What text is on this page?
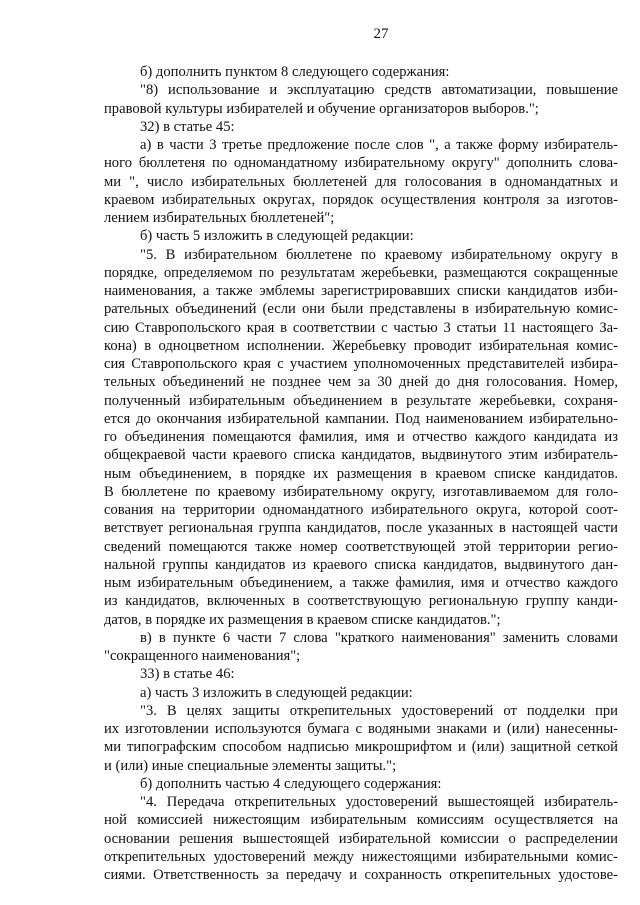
27
б) дополнить пунктом 8 следующего содержания:
"8) использование и эксплуатацию средств автоматизации, повышение
правовой культуры избирателей и обучение организаторов выборов.";
32) в статье 45:
а) в части 3 третье предложение после слов ", а также форму избиратель-
ного бюллетеня по одномандатному избирательному округу" дополнить слова-
ми ", число избирательных бюллетеней для голосования в одномандатных и
краевом избирательных округах, порядок осуществления контроля за изготов-
лением избирательных бюллетеней";
б) часть 5 изложить в следующей редакции:
"5. В избирательном бюллетене по краевому избирательному округу в
порядке, определяемом по результатам жеребьевки, размещаются сокращенные
наименования, а также эмблемы зарегистрировавших списки кандидатов изби-
рательных объединений (если они были представлены в избирательную комис-
сию Ставропольского края в соответствии с частью 3 статьи 11 настоящего За-
кона) в одноцветном исполнении. Жеребьевку проводит избирательная комис-
сия Ставропольского края с участием уполномоченных представителей избира-
тельных объединений не позднее чем за 30 дней до дня голосования. Номер,
полученный избирательным объединением в результате жеребьевки, сохраня-
ется до окончания избирательной кампании. Под наименованием избирательно-
го объединения помещаются фамилия, имя и отчество каждого кандидата из
общекраевой части краевого списка кандидатов, выдвинутого этим избиратель-
ным объединением, в порядке их размещения в краевом списке кандидатов.
В бюллетене по краевому избирательному округу, изготавливаемом для голо-
сования на территории одномандатного избирательного округа, которой соот-
ветствует региональная группа кандидатов, после указанных в настоящей части
сведений помещаются также номер соответствующей этой территории регио-
нальной группы кандидатов из краевого списка кандидатов, выдвинутого дан-
ным избирательным объединением, а также фамилия, имя и отчество каждого
из кандидатов, включенных в соответствующую региональную группу канди-
датов, в порядке их размещения в краевом списке кандидатов.";
в) в пункте 6 части 7 слова "краткого наименования" заменить словами
"сокращенного наименования";
33) в статье 46:
а) часть 3 изложить в следующей редакции:
"3. В целях защиты открепительных удостоверений от подделки при
их изготовлении используются бумага с водяными знаками и (или) нанесенны-
ми типографским способом надписью микрошрифтом и (или) защитной сеткой
и (или) иные специальные элементы защиты.";
б) дополнить частью 4 следующего содержания:
"4. Передача открепительных удостоверений вышестоящей избиратель-
ной комиссией нижестоящим избирательным комиссиям осуществляется на
основании решения вышестоящей избирательной комиссии о распределении
открепительных удостоверений между нижестоящими избирательными комис-
сиями. Ответственность за передачу и сохранность открепительных удостове-
